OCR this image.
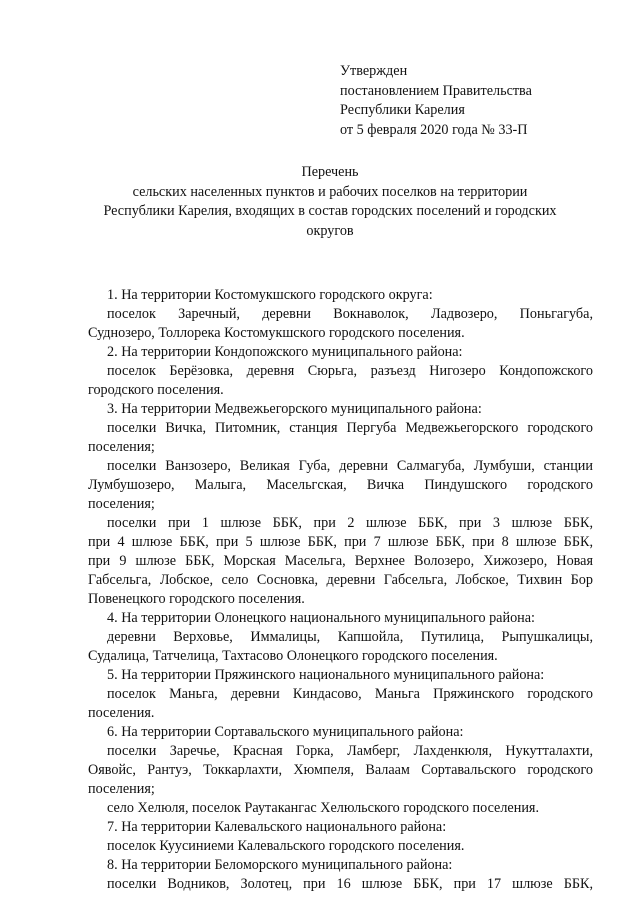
Утвержден
постановлением Правительства
Республики Карелия
от 5 февраля 2020 года № 33-П
Перечень
сельских населенных пунктов и рабочих поселков на территории
Республики Карелия, входящих в состав городских поселений и городских
округов
1. На территории Костомукшского городского округа:
поселок Заречный, деревни Вокнаволок, Ладвозеро, Поньгагуба,
Суднозеро, Толлорека Костомукшского городского поселения.
2. На территории Кондопожского муниципального района:
поселок Берёзовка, деревня Сюрьга, разъезд Нигозеро Кондопожского
городского поселения.
3. На территории Медвежьегорского муниципального района:
поселки Вичка, Питомник, станция Пергуба Медвежьегорского городского
поселения;
поселки Ванзозеро, Великая Губа, деревни Салмагуба, Лумбуши, станции
Лумбушозеро, Малыга, Масельгская, Вичка Пиндушского городского
поселения;
поселки при 1 шлюзе ББК, при 2 шлюзе ББК, при 3 шлюзе ББК,
при 4 шлюзе ББК, при 5 шлюзе ББК, при 7 шлюзе ББК, при 8 шлюзе ББК,
при 9 шлюзе ББК, Морская Масельга, Верхнее Волозеро, Хижозеро, Новая
Габсельга, Лобское, село Сосновка, деревни Габсельга, Лобское, Тихвин Бор
Повенецкого городского поселения.
4. На территории Олонецкого национального муниципального района:
деревни Верховье, Иммалицы, Капшойла, Путилица, Рыпушкалицы,
Судалица, Татчелица, Тахтасово Олонецкого городского поселения.
5. На территории Пряжинского национального муниципального района:
поселок Маньга, деревни Киндасово, Маньга Пряжинского городского
поселения.
6. На территории Сортавальского муниципального района:
поселки Заречье, Красная Горка, Ламберг, Лахденкюля, Нукутталахти,
Оявойс, Рантуэ, Токкарлахти, Хюмпеля, Валаам Сортавальского городского
поселения;
село Хелюля, поселок Раутакангас Хелюльского городского поселения.
7. На территории Калевальского национального района:
поселок Куусиниеми Калевальского городского поселения.
8. На территории Беломорского муниципального района:
поселки Водников, Золотец, при 16 шлюзе ББК, при 17 шлюзе ББК,
